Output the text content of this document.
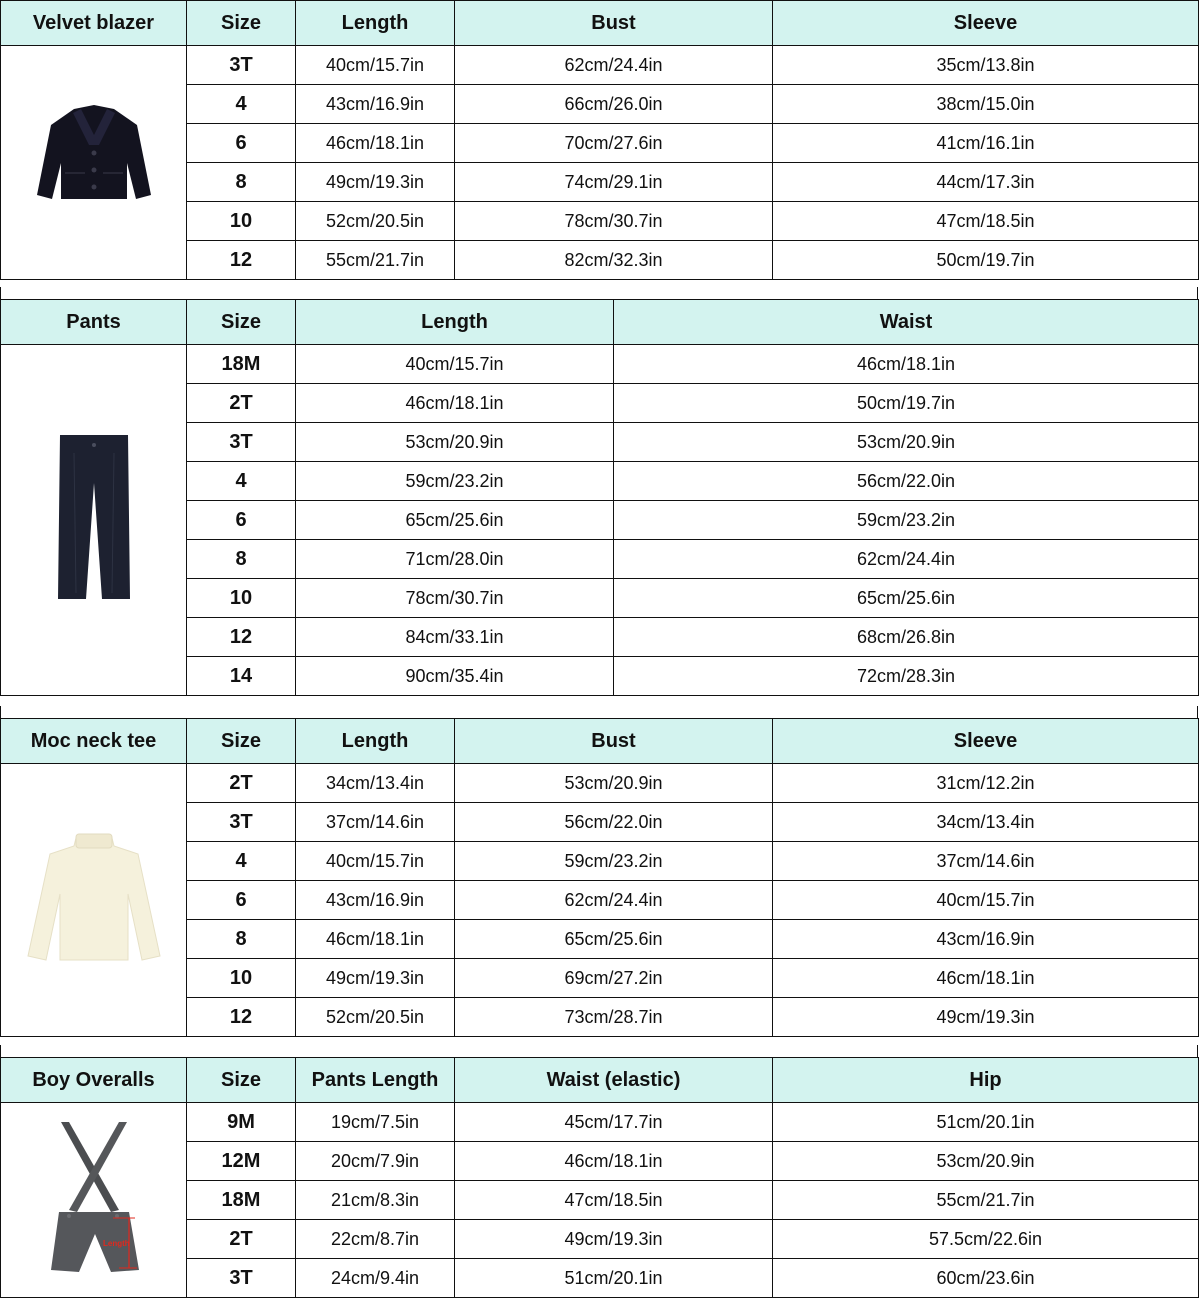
Velvet blazer	Size	Length	Bust	Sleeve
	3T	40cm/15.7in	62cm/24.4in	35cm/13.8in
	4	43cm/16.9in	66cm/26.0in	38cm/15.0in
	6	46cm/18.1in	70cm/27.6in	41cm/16.1in
	8	49cm/19.3in	74cm/29.1in	44cm/17.3in
	10	52cm/20.5in	78cm/30.7in	47cm/18.5in
	12	55cm/21.7in	82cm/32.3in	50cm/19.7in
Pants	Size	Length	Waist
	18M	40cm/15.7in	46cm/18.1in
	2T	46cm/18.1in	50cm/19.7in
	3T	53cm/20.9in	53cm/20.9in
	4	59cm/23.2in	56cm/22.0in
	6	65cm/25.6in	59cm/23.2in
	8	71cm/28.0in	62cm/24.4in
	10	78cm/30.7in	65cm/25.6in
	12	84cm/33.1in	68cm/26.8in
	14	90cm/35.4in	72cm/28.3in
Moc neck tee	Size	Length	Bust	Sleeve
	2T	34cm/13.4in	53cm/20.9in	31cm/12.2in
	3T	37cm/14.6in	56cm/22.0in	34cm/13.4in
	4	40cm/15.7in	59cm/23.2in	37cm/14.6in
	6	43cm/16.9in	62cm/24.4in	40cm/15.7in
	8	46cm/18.1in	65cm/25.6in	43cm/16.9in
	10	49cm/19.3in	69cm/27.2in	46cm/18.1in
	12	52cm/20.5in	73cm/28.7in	49cm/19.3in
Boy Overalls	Size	Pants Length	Waist (elastic)	Hip

Length	9M	19cm/7.5in	45cm/17.7in	51cm/20.1in
	12M	20cm/7.9in	46cm/18.1in	53cm/20.9in
	18M	21cm/8.3in	47cm/18.5in	55cm/21.7in
	2T	22cm/8.7in	49cm/19.3in	57.5cm/22.6in
	3T	24cm/9.4in	51cm/20.1in	60cm/23.6in
